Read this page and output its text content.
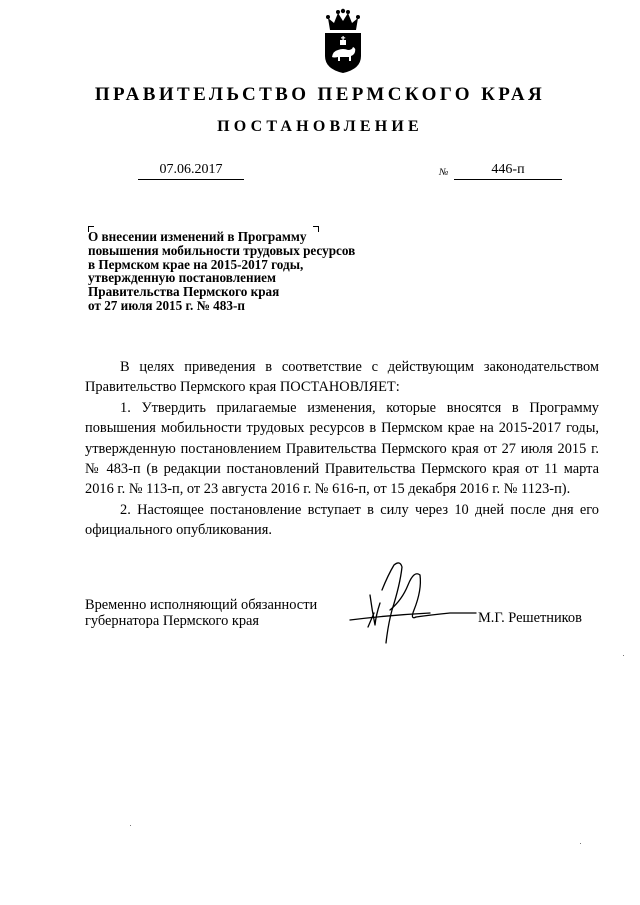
ПРАВИТЕЛЬСТВО ПЕРМСКОГО КРАЯ
ПОСТАНОВЛЕНИЕ
07.06.2017	№	446-п
О внесении изменений в Программу
повышения мобильности трудовых ресурсов
в Пермском крае на 2015-2017 годы,
утвержденную постановлением
Правительства Пермского края
от 27 июля 2015 г. № 483-п

В целях приведения в соответствие с действующим законодательством Правительство Пермского края ПОСТАНОВЛЯЕТ:

1. Утвердить прилагаемые изменения, которые вносятся в Программу повышения мобильности трудовых ресурсов в Пермском крае на 2015-2017 годы, утвержденную постановлением Правительства Пермского края от 27 июля 2015 г. № 483-п (в редакции постановлений Правительства Пермского края от 11 марта 2016 г. № 113-п, от 23 августа 2016 г. № 616-п, от 15 декабря 2016 г. № 1123-п).

2. Настоящее постановление вступает в силу через 10 дней после дня его официального опубликования.

Временно исполняющий обязанности
губернатора Пермского края	М.Г. Решетников
